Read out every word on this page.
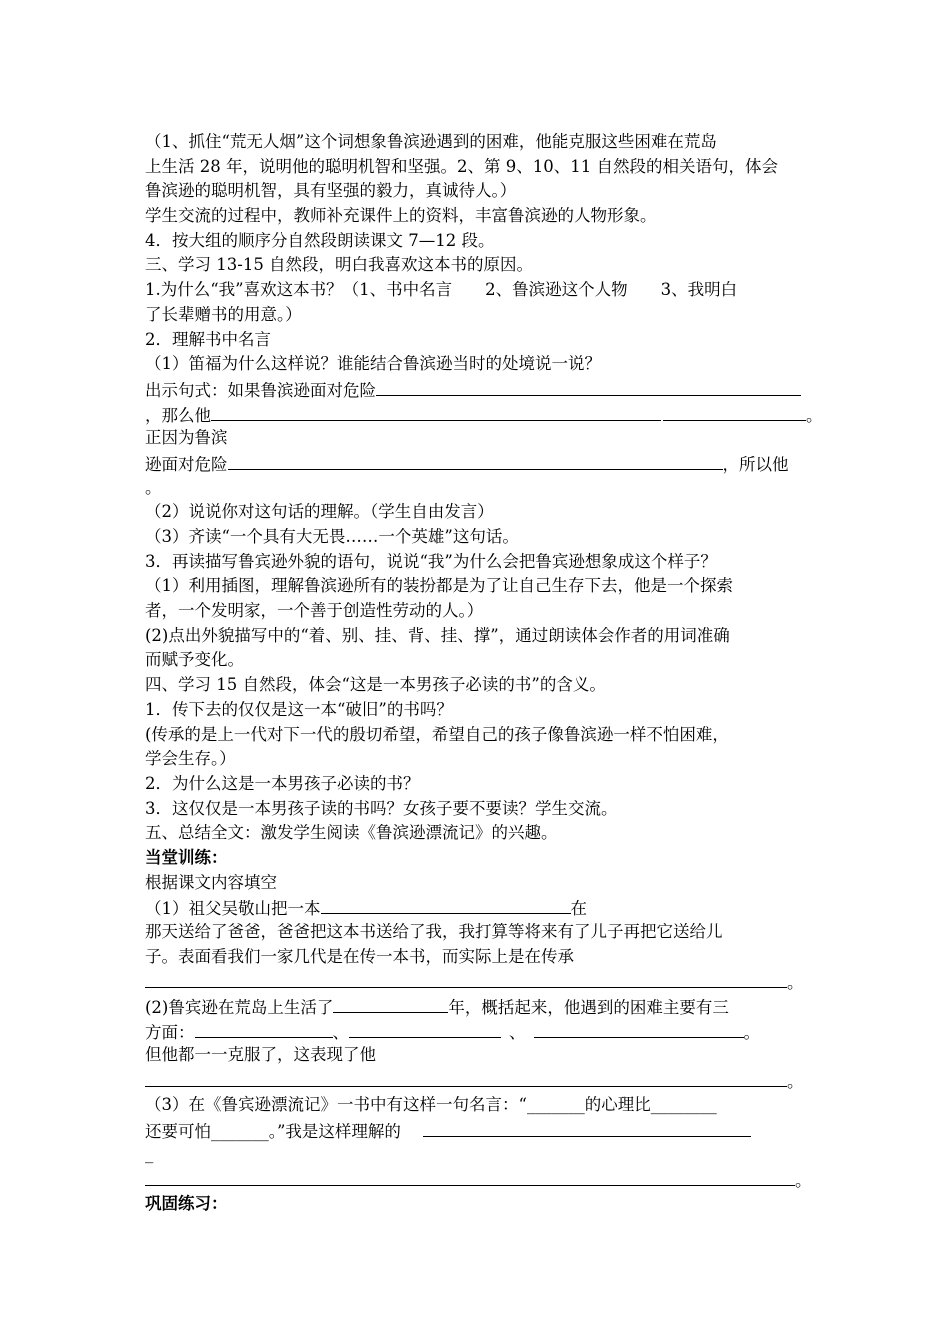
（1、抓住“荒无人烟”这个词想象鲁滨逊遇到的困难，他能克服这些困难在荒岛
上生活 28 年，说明他的聪明机智和坚强。2、第 9、10、11 自然段的相关语句，体会
鲁滨逊的聪明机智，具有坚强的毅力，真诚待人。）
学生交流的过程中，教师补充课件上的资料，丰富鲁滨逊的人物形象。
4．按大组的顺序分自然段朗读课文 7—12 段。
三、学习 13-15 自然段，明白我喜欢这本书的原因。
1.为什么“我”喜欢这本书？（1、书中名言　　2、鲁滨逊这个人物　　3、我明白
了长辈赠书的用意。）
2．理解书中名言
（1）笛福为什么这样说？谁能结合鲁滨逊当时的处境说一说？
出示句式：如果鲁滨逊面对危险
，那么他	。
正因为鲁滨
逊面对危险	，所以他
。
（2）说说你对这句话的理解。（学生自由发言）
（3）齐读“一个具有大无畏……一个英雄”这句话。
3．再读描写鲁宾逊外貌的语句，说说“我”为什么会把鲁宾逊想象成这个样子？
（1）利用插图，理解鲁滨逊所有的装扮都是为了让自己生存下去，他是一个探索
者，一个发明家，一个善于创造性劳动的人。）
(2)点出外貌描写中的“着、别、挂、背、挂、撑”，通过朗读体会作者的用词准确
而赋予变化。
四、学习 15 自然段，体会“这是一本男孩子必读的书”的含义。
1．传下去的仅仅是这一本“破旧”的书吗？
(传承的是上一代对下一代的殷切希望，希望自己的孩子像鲁滨逊一样不怕困难，
学会生存。）
2．为什么这是一本男孩子必读的书？
3．这仅仅是一本男孩子读的书吗？女孩子要不要读？学生交流。
五、总结全文：激发学生阅读《鲁滨逊漂流记》的兴趣。
当堂训练：
根据课文内容填空
（1）祖父吴敬山把一本	在
那天送给了爸爸，爸爸把这本书送给了我，我打算等将来有了儿子再把它送给儿
子。表面看我们一家几代是在传一本书，而实际上是在传承
。
(2)鲁宾逊在荒岛上生活了	年，概括起来，他遇到的困难主要有三
方面：	、	、	。
但他都一一克服了，这表现了他
。
（3）在《鲁宾逊漂流记》一书中有这样一句名言：“_______的心理比________
还要可怕_______。”我是这样理解的
_
。
巩固练习：
